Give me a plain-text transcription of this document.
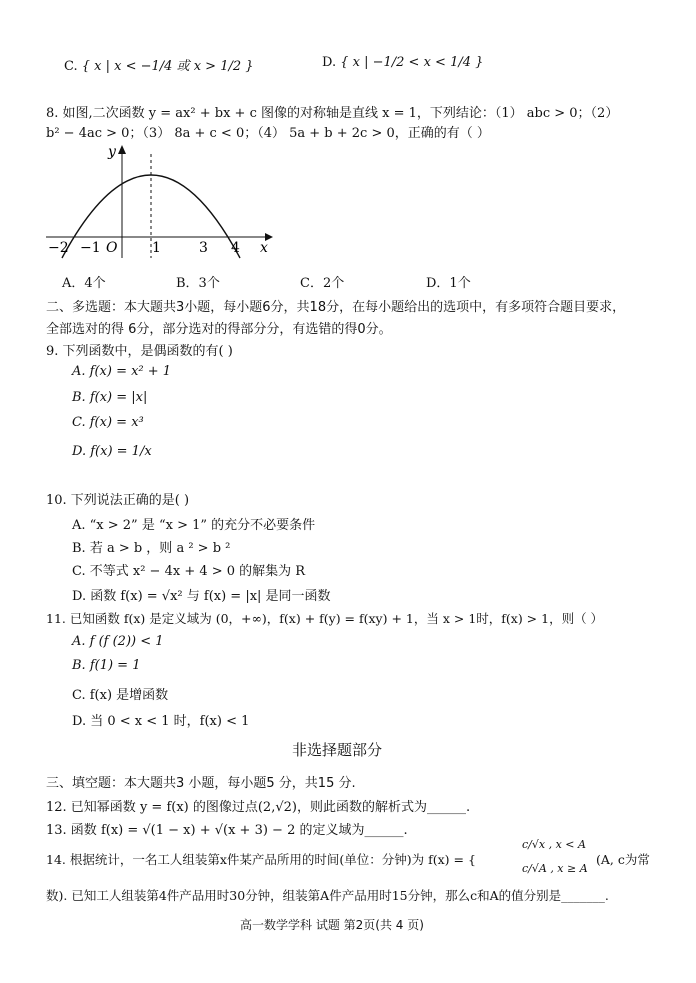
C. { x | x < −1/4 或 x > 1/2 }	D. { x | −1/2 < x < 1/4 }
8. 如图,二次函数 y = ax² + bx + c 图像的对称轴是直线 x = 1，下列结论：（1） abc > 0；（2）
b² − 4ac > 0；（3） 8a + c < 0；（4） 5a + b + 2c > 0，正确的有（ ）
y
x
O
−2 −1	1	3 4
A．4个	B．3个	C．2个	D．1个
二、多选题：本大题共3小题，每小题6分，共18分，在每小题给出的选项中，有多项符合题目要求，
全部选对的得 6分，部分选对的得部分分，有选错的得0分。
9. 下列函数中，是偶函数的有( )
A. f(x) = x² + 1
B. f(x) = |x|
C. f(x) = x³
D. f(x) = 1/x
10. 下列说法正确的是( )
A. “x > 2” 是 “x > 1” 的充分不必要条件
B. 若 a > b ，则 a ² > b ²
C. 不等式 x² − 4x + 4 > 0 的解集为 R
D. 函数 f(x) = √x² 与 f(x) = |x| 是同一函数
11. 已知函数 f(x) 是定义域为 (0，+∞)，f(x) + f(y) = f(xy) + 1，当 x > 1时，f(x) > 1，则（ ）
A. f (f (2)) < 1
B. f(1) = 1
C. f(x) 是增函数
D. 当 0 < x < 1 时，f(x) < 1
非选择题部分
三、填空题：本大题共3 小题，每小题5 分，共15 分.
12. 已知幂函数 y = f(x) 的图像过点(2,√2)，则此函数的解析式为______.
13. 函数 f(x) = √(1 − x) + √(x + 3) − 2 的定义域为______.
14. 根据统计，一名工人组装第x件某产品所用的时间(单位：分钟)为 f(x) = {
c/√x , x < A
c/√A , x ≥ A
(A, c为常
数). 已知工人组装第4件产品用时30分钟，组装第A件产品用时15分钟，那么c和A的值分别是_______.
高一数学学科 试题 第2页(共 4 页)
